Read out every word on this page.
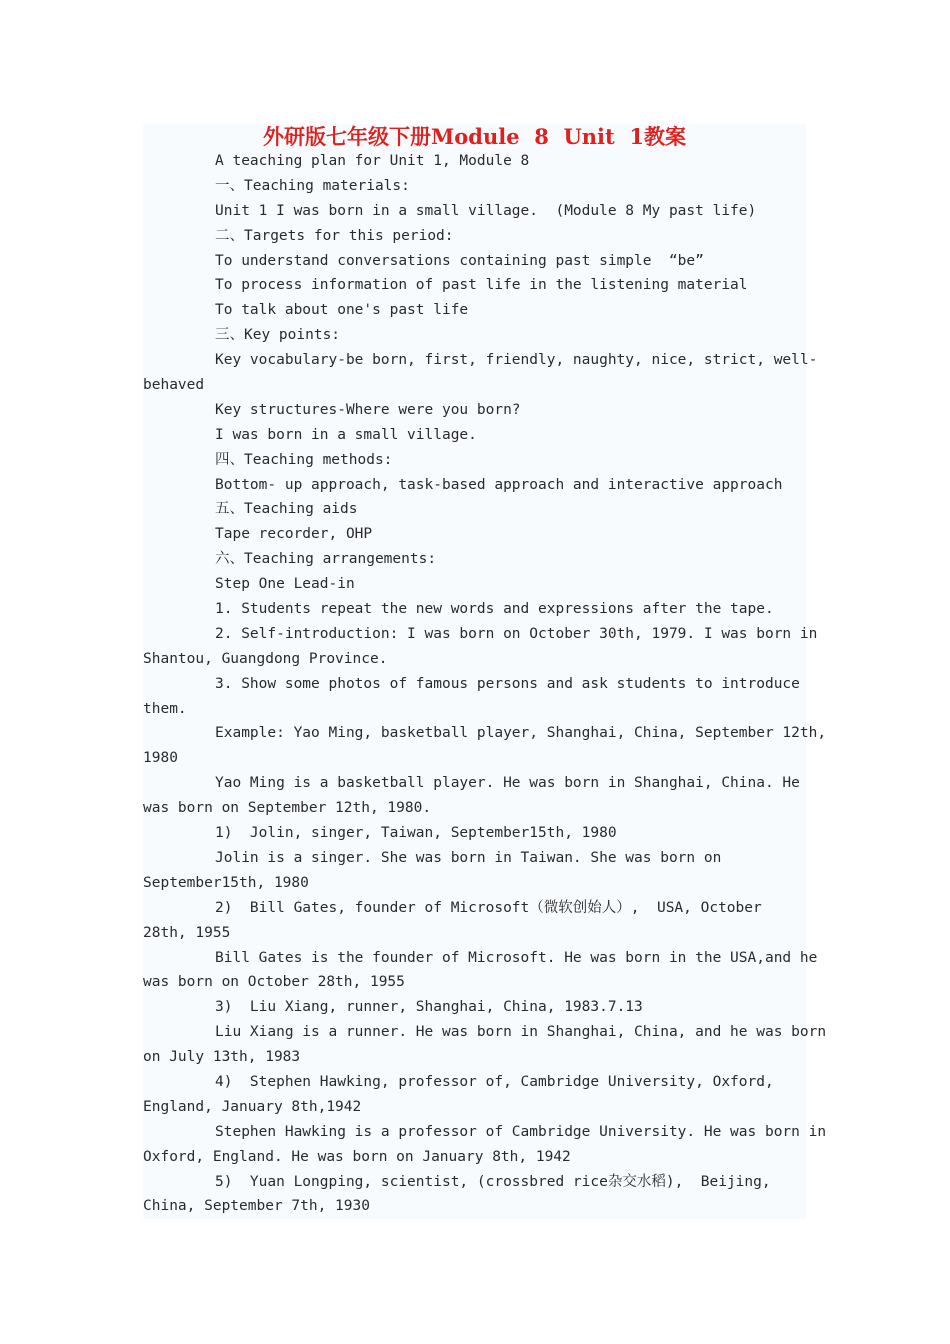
外研版七年级下册Module  8  Unit  1教案
A teaching plan for Unit 1, Module 8
一、Teaching materials:
Unit 1 I was born in a small village.  (Module 8 My past life)
二、Targets for this period:
To understand conversations containing past simple  “be”
To process information of past life in the listening material
To talk about one's past life
三、Key points:
Key vocabulary-be born, first, friendly, naughty, nice, strict, well-
behaved
Key structures-Where were you born?
I was born in a small village.
四、Teaching methods:
Bottom- up approach, task-based approach and interactive approach
五、Teaching aids
Tape recorder, OHP
六、Teaching arrangements:
Step One Lead-in
1. Students repeat the new words and expressions after the tape.
2. Self-introduction: I was born on October 30th, 1979. I was born in
Shantou, Guangdong Province.
3. Show some photos of famous persons and ask students to introduce
them.
Example: Yao Ming, basketball player, Shanghai, China, September 12th,
1980
Yao Ming is a basketball player. He was born in Shanghai, China. He
was born on September 12th, 1980.
1)  Jolin, singer, Taiwan, September15th, 1980
Jolin is a singer. She was born in Taiwan. She was born on
September15th, 1980
2)  Bill Gates, founder of Microsoft（微软创始人）,  USA, October
28th, 1955
Bill Gates is the founder of Microsoft. He was born in the USA,and he
was born on October 28th, 1955
3)  Liu Xiang, runner, Shanghai, China, 1983.7.13
Liu Xiang is a runner. He was born in Shanghai, China, and he was born
on July 13th, 1983
4)  Stephen Hawking, professor of, Cambridge University, Oxford,
England, January 8th,1942
Stephen Hawking is a professor of Cambridge University. He was born in
Oxford, England. He was born on January 8th, 1942
5)  Yuan Longping, scientist, (crossbred rice杂交水稻),  Beijing,
China, September 7th, 1930
